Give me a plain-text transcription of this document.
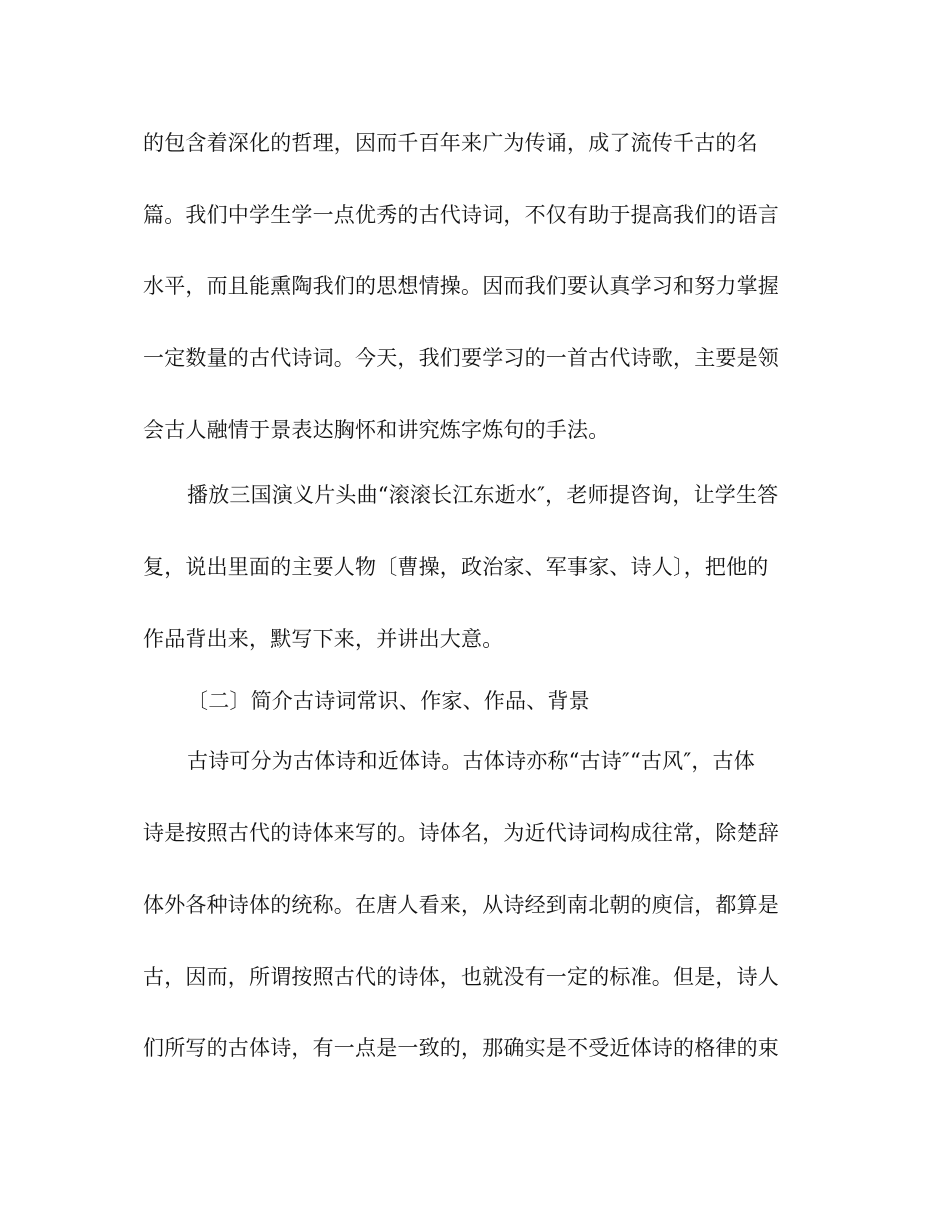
的包含着深化的哲理，因而千百年来广为传诵，成了流传千古的名
篇。我们中学生学一点优秀的古代诗词，不仅有助于提高我们的语言
水平，而且能熏陶我们的思想情操。因而我们要认真学习和努力掌握
一定数量的古代诗词。今天，我们要学习的一首古代诗歌，主要是领
会古人融情于景表达胸怀和讲究炼字炼句的手法。
播放三国演义片头曲“滚滚长江东逝水″，老师提咨询，让学生答
复，说出里面的主要人物〔曹操，政治家、军事家、诗人〕，把他的
作品背出来，默写下来，并讲出大意。
〔二〕简介古诗词常识、作家、作品、背景
古诗可分为古体诗和近体诗。古体诗亦称“古诗″“古风″，古体
诗是按照古代的诗体来写的。诗体名，为近代诗词构成往常，除楚辞
体外各种诗体的统称。在唐人看来，从诗经到南北朝的庾信，都算是
古，因而，所谓按照古代的诗体，也就没有一定的标准。但是，诗人
们所写的古体诗，有一点是一致的，那确实是不受近体诗的格律的束
